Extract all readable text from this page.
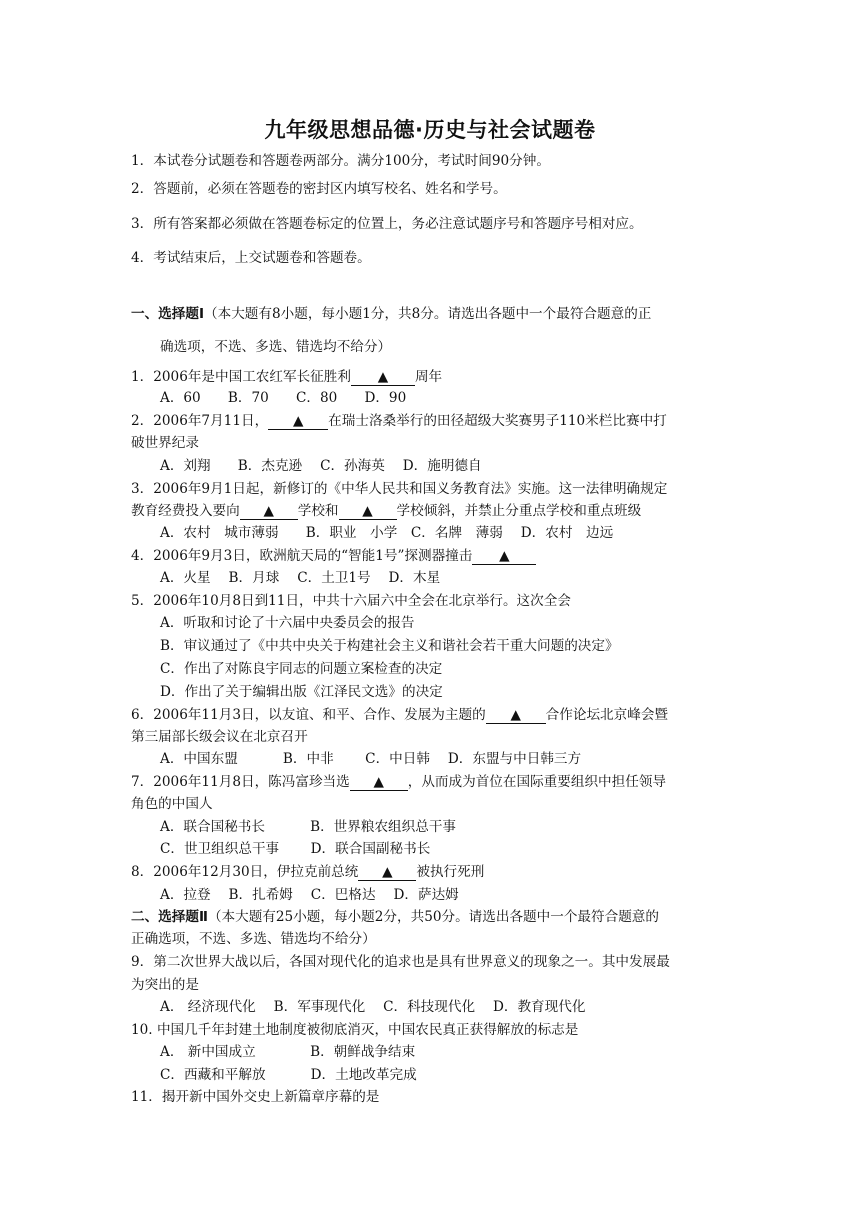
九年级思想品德·历史与社会试题卷
1．本试卷分试题卷和答题卷两部分。满分100分，考试时间90分钟。
2．答题前，必须在答题卷的密封区内填写校名、姓名和学号。
3．所有答案都必须做在答题卷标定的位置上，务必注意试题序号和答题序号相对应。
4．考试结束后，上交试题卷和答题卷。
一、选择题Ⅰ（本大题有8小题，每小题1分，共8分。请选出各题中一个最符合题意的正
确选项，不选、多选、错选均不给分）
1．2006年是中国工农红军长征胜利 ▲ 周年
A．60　　B．70　　C．80　　D．90
2．2006年7月11日， ▲ 在瑞士洛桑举行的田径超级大奖赛男子110米栏比赛中打
破世界纪录
A．刘翔　　B．杰克逊　 C．孙海英　 D．施明德自
3．2006年9月1日起，新修订的《中华人民共和国义务教育法》实施。这一法律明确规定
教育经费投入要向 ▲ 学校和 ▲ 学校倾斜，并禁止分重点学校和重点班级
A．农村　城市薄弱　　B．职业　小学　C．名牌　薄弱　 D．农村　边远
4．2006年9月3日，欧洲航天局的“智能1号”探测器撞击 ▲
A．火星　 B．月球　 C．土卫1号　 D．木星
5．2006年10月8日到11日，中共十六届六中全会在北京举行。这次全会
A．听取和讨论了十六届中央委员会的报告
B．审议通过了《中共中央关于构建社会主义和谐社会若干重大问题的决定》
C．作出了对陈良宇同志的问题立案检查的决定
D．作出了关于编辑出版《江泽民文选》的决定
6．2006年11月3日，以友谊、和平、合作、发展为主题的 ▲ 合作论坛北京峰会暨
第三届部长级会议在北京召开
A．中国东盟　　　 B．中非　　 C．中日韩　 D．东盟与中日韩三方
7．2006年11月8日，陈冯富珍当选 ▲ ，从而成为首位在国际重要组织中担任领导
角色的中国人
A．联合国秘书长　　　 B．世界粮农组织总干事
C．世卫组织总干事　　 D．联合国副秘书长
8．2006年12月30日，伊拉克前总统 ▲ 被执行死刑
A．拉登　 B．扎希姆　 C．巴格达　 D．萨达姆
二、选择题Ⅱ（本大题有25小题，每小题2分，共50分。请选出各题中一个最符合题意的
正确选项，不选、多选、错选均不给分）
9．第二次世界大战以后，各国对现代化的追求也是具有世界意义的现象之一。其中发展最
为突出的是
A． 经济现代化　 B．军事现代化　 C．科技现代化　 D．教育现代化
10. 中国几千年封建土地制度被彻底消灭，中国农民真正获得解放的标志是
A． 新中国成立　　　　B．朝鲜战争结束
C．西藏和平解放　　　 D．土地改革完成
11．揭开新中国外交史上新篇章序幕的是
